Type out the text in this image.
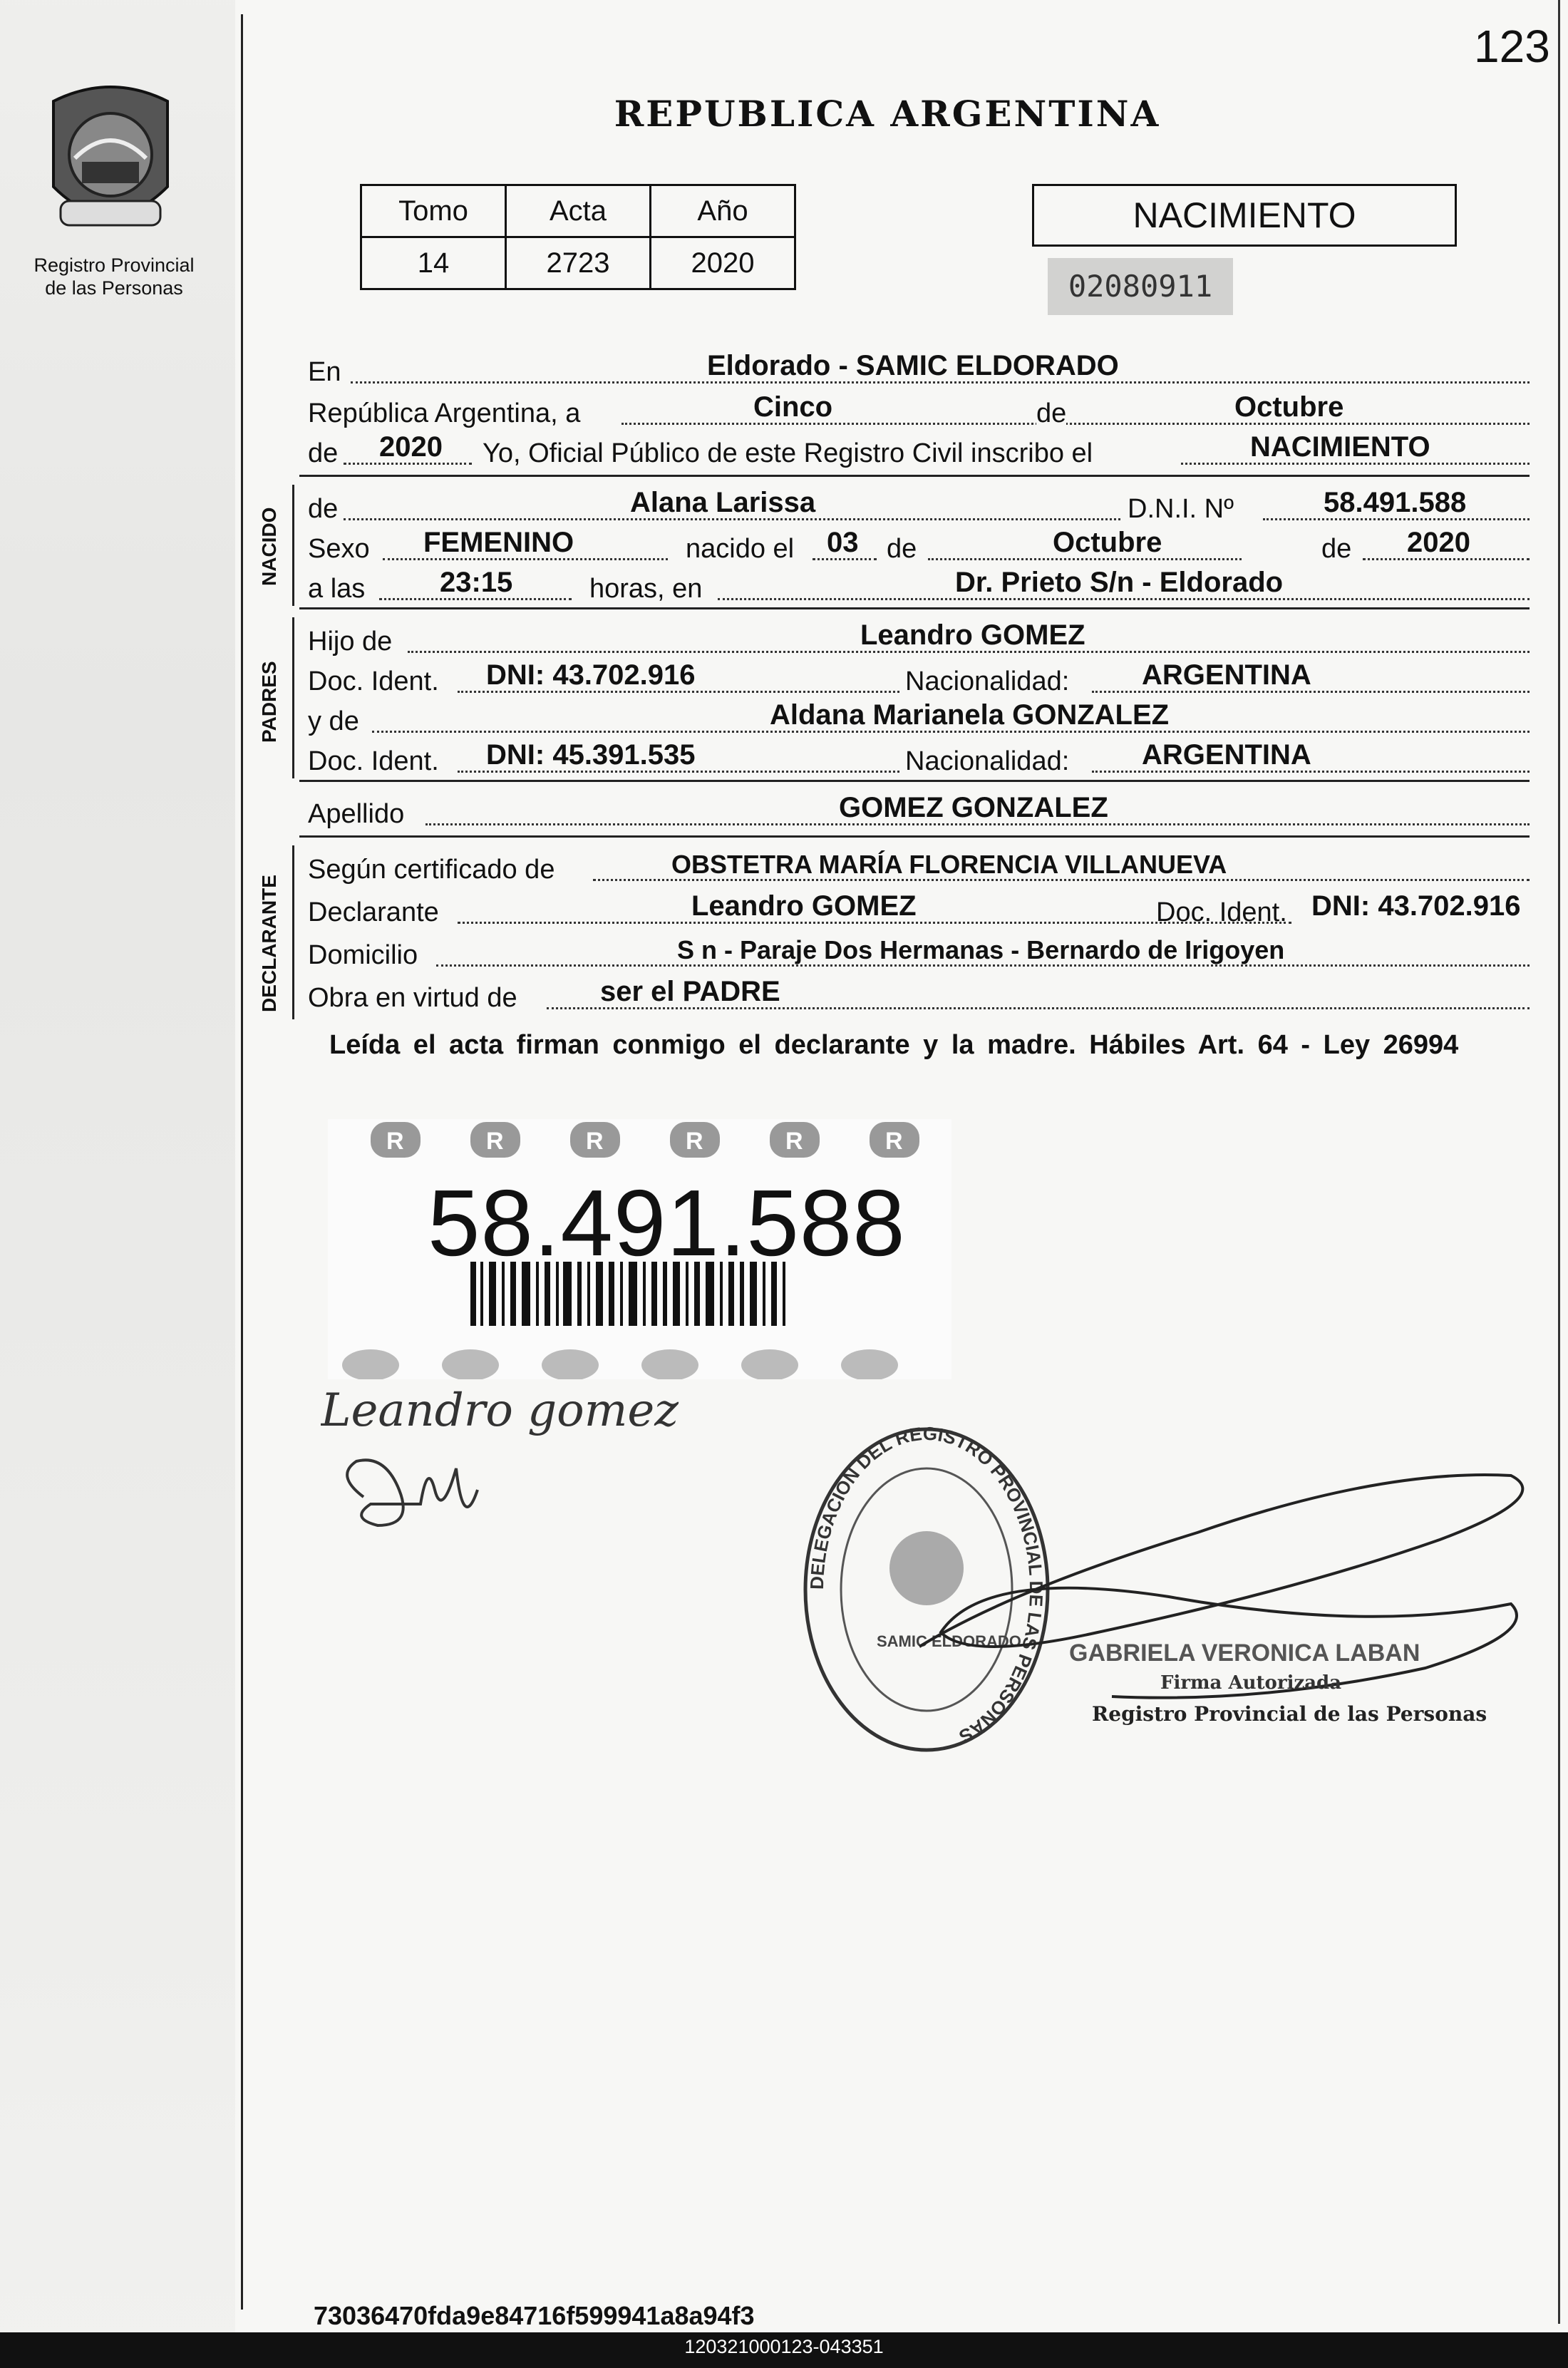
123
Registro Provincial
de las Personas
REPUBLICA ARGENTINA
Tomo	Acta	Año
14	2723	2020
NACIMIENTO
02080911
En	Eldorado - SAMIC ELDORADO
República Argentina, a	Cinco	de	Octubre
de 2020 Yo, Oficial Público de este Registro Civil inscribo el	NACIMIENTO
NACIDO de	Alana Larissa	D.N.I. Nº	58.491.588
Sexo FEMENINO	nacido el 03 de	Octubre	de 2020
a las	23:15	horas, en	Dr. Prieto S/n - Eldorado
PADRES
Hijo de	Leandro GOMEZ
Doc. Ident. DNI: 43.702.916	Nacionalidad:	ARGENTINA
y de	Aldana Marianela GONZALEZ
Doc. Ident. DNI: 45.391.535	Nacionalidad:	ARGENTINA
Apellido	GOMEZ GONZALEZ
DECLARANTE
Según certificado de	OBSTETRA MARÍA FLORENCIA VILLANUEVA
Declarante	Leandro GOMEZ	Doc. Ident. DNI: 43.702.916
Domicilio	S n - Paraje Dos Hermanas - Bernardo de Irigoyen
Obra en virtud de	ser el PADRE
Leída el acta firman conmigo el declarante y la madre. Hábiles Art. 64 - Ley 26994
R	R	R	R	R	R
58.491.588
Leandro gomez
DELEGACION DEL REGISTRO PROVINCIAL DE LAS PERSONAS
SAMIC ELDORADO GABRIELA VERONICA LABAN
Firma Autorizada
Registro Provincial de las Personas
73036470fda9e84716f599941a8a94f3
120321000123-043351
